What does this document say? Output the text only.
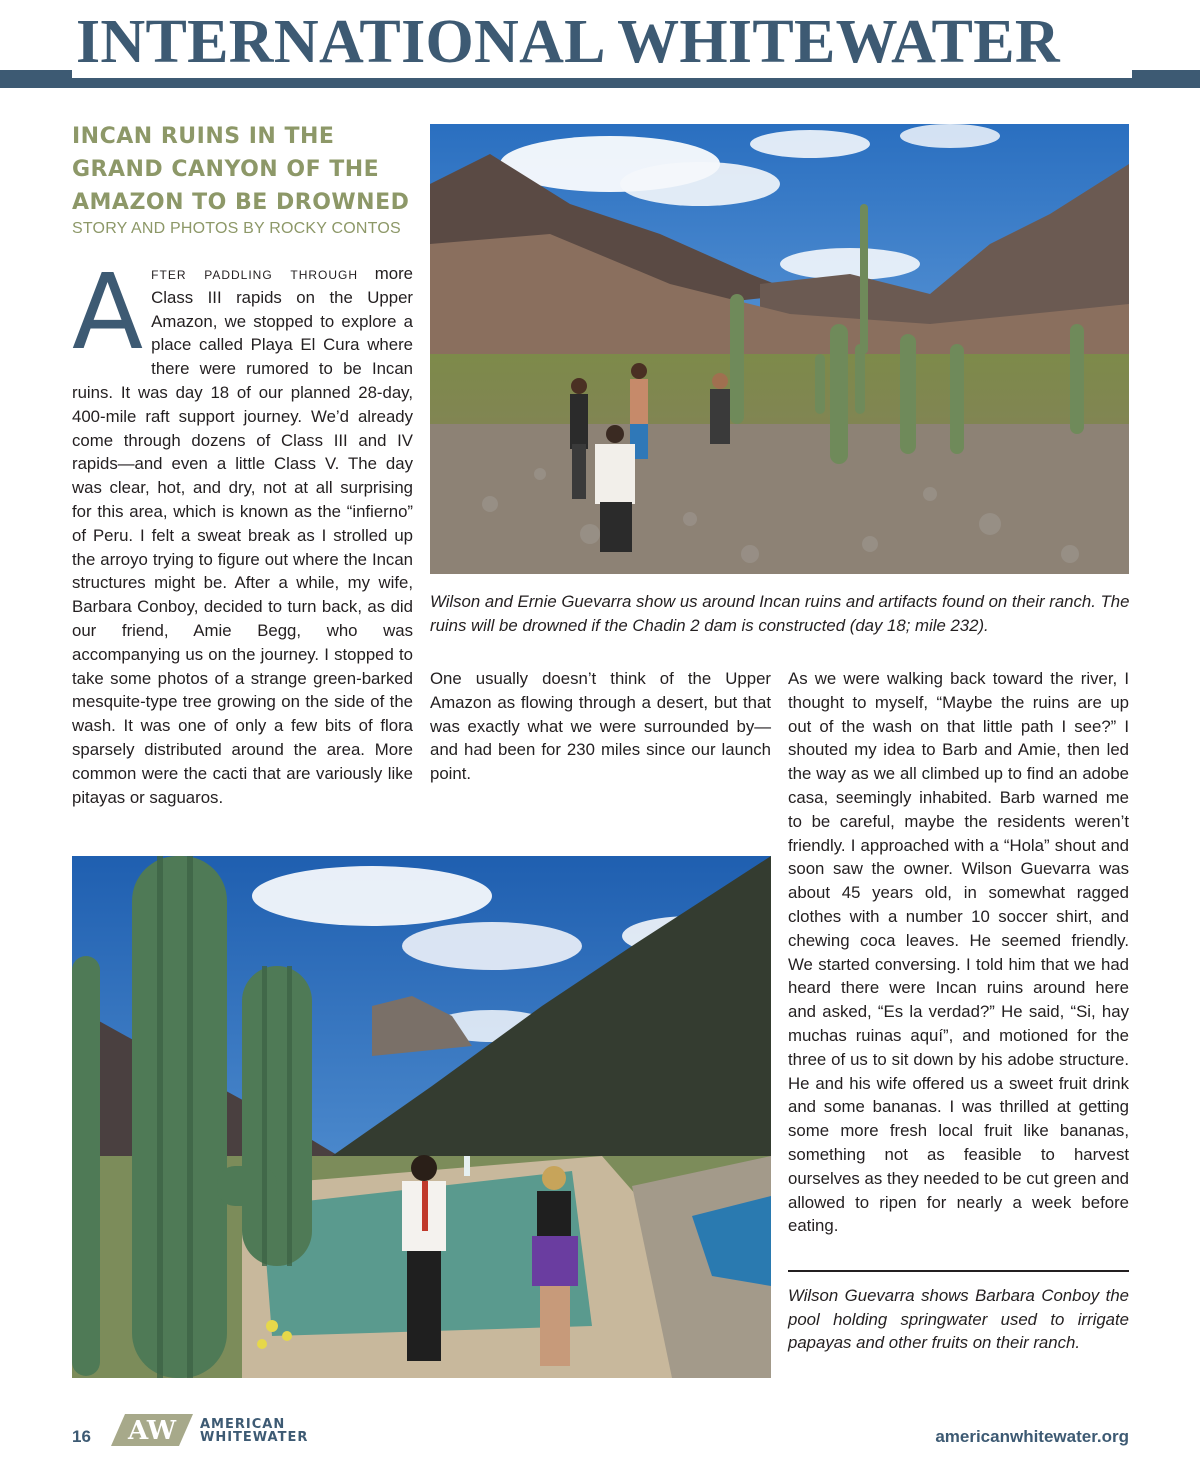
INTERNATIONAL WHITEWATER
INCAN RUINS IN THE GRAND CANYON OF THE AMAZON TO BE DROWNED
STORY AND PHOTOS BY ROCKY CONTOS

After paddling through more Class III rapids on the Upper Amazon, we stopped to explore a place called Playa El Cura where there were rumored to be Incan ruins. It was day 18 of our planned 28-day, 400-mile raft support journey. We’d already come through dozens of Class III and IV rapids—and even a little Class V. The day was clear, hot, and dry, not at all surprising for this area, which is known as the “infierno” of Peru. I felt a sweat break as I strolled up the arroyo trying to figure out where the Incan structures might be. After a while, my wife, Barbara Conboy, decided to turn back, as did our friend, Amie Begg, who was accompanying us on the journey. I stopped to take some photos of a strange green-barked mesquite-type tree growing on the side of the wash. It was one of only a few bits of flora sparsely distributed around the area. More common were the cacti that are variously like pitayas or saguaros.

Wilson and Ernie Guevarra show us around Incan ruins and artifacts found on their ranch. The ruins will be drowned if the Chadin 2 dam is constructed (day 18; mile 232).

One usually doesn’t think of the Upper Amazon as flowing through a desert, but that was exactly what we were surrounded by—and had been for 230 miles since our launch point.

As we were walking back toward the river, I thought to myself, “Maybe the ruins are up out of the wash on that little path I see?” I shouted my idea to Barb and Amie, then led the way as we all climbed up to find an adobe casa, seemingly inhabited. Barb warned me to be careful, maybe the residents weren’t friendly. I approached with a “Hola” shout and soon saw the owner. Wilson Guevarra was about 45 years old, in somewhat ragged clothes with a number 10 soccer shirt, and chewing coca leaves. He seemed friendly. We started conversing. I told him that we had heard there were Incan ruins around here and asked, “Es la verdad?” He said, “Si, hay muchas ruinas aquí”, and motioned for the three of us to sit down by his adobe structure. He and his wife offered us a sweet fruit drink and some bananas. I was thrilled at getting some more fresh local fruit like bananas, something not as feasible to harvest ourselves as they needed to be cut green and allowed to ripen for nearly a week before eating.

Wilson Guevarra shows Barbara Conboy the pool holding springwater used to irrigate papayas and other fruits on their ranch.
16 AW AMERICAN
WHITEWATER	americanwhitewater.org
